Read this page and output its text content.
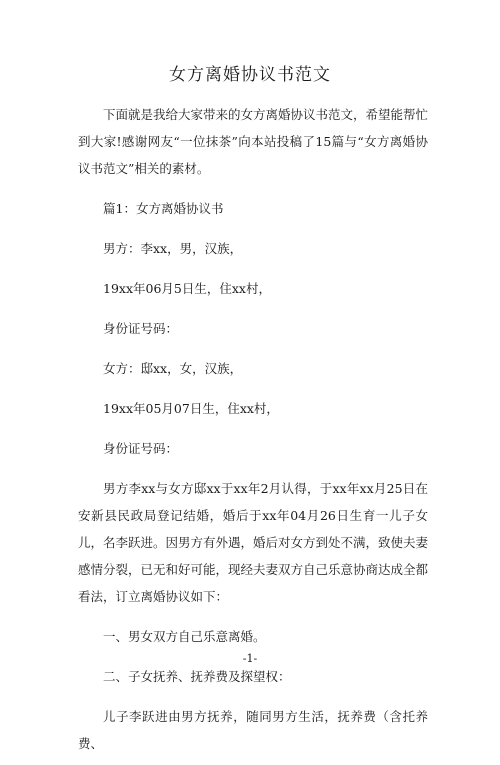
女方离婚协议书范文

下面就是我给大家带来的女方离婚协议书范文，希望能帮忙到大家!感谢网友“一位抹茶”向本站投稿了15篇与“女方离婚协议书范文”相关的素材。

篇1：女方离婚协议书

男方：李xx，男，汉族，

19xx年06月5日生，住xx村，

身份证号码：

女方：邸xx，女，汉族，

19xx年05月07日生，住xx村，

身份证号码：

男方李xx与女方邸xx于xx年2月认得，于xx年xx月25日在安新县民政局登记结婚，婚后于xx年04月26日生育一儿子女儿，名李跃进。因男方有外遇，婚后对女方到处不满，致使夫妻感情分裂，已无和好可能，现经夫妻双方自己乐意协商达成全都看法，订立离婚协议如下：

一、男女双方自己乐意离婚。

二、子女抚养、抚养费及探望权：

儿子李跃进由男方抚养，随同男方生活，抚养费（含托养费、

-1-
